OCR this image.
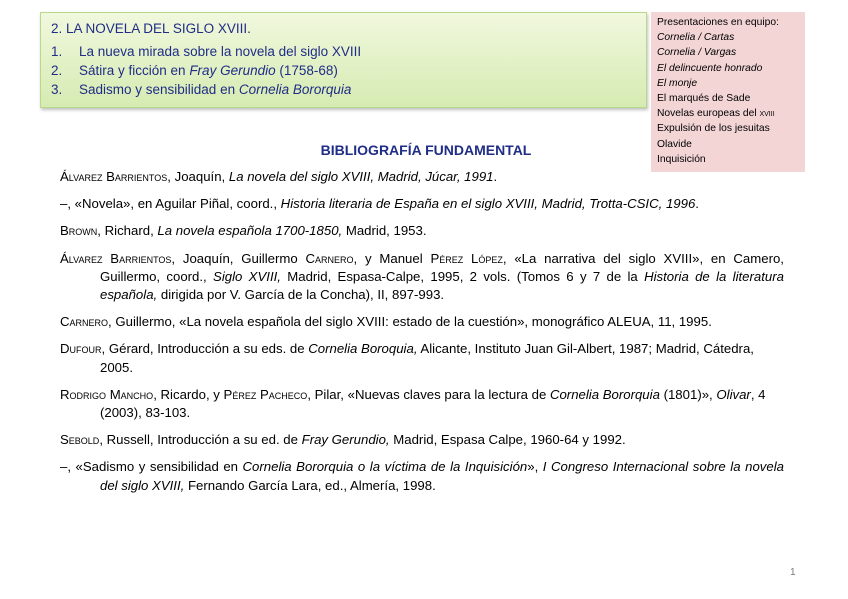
2. LA NOVELA DEL SIGLO XVIII.
1.	La nueva mirada sobre la novela del siglo XVIII
2.	Sátira y ficción en Fray Gerundio (1758-68)
3.	Sadismo y sensibilidad en Cornelia Bororquia
Presentaciones en equipo:
Cornelia / Cartas
Cornelia / Vargas
El delincuente honrado
El monje
El marqués de Sade
Novelas europeas del xviii
Expulsión de los jesuitas
Olavide
Inquisición
BIBLIOGRAFÍA FUNDAMENTAL
Álvarez Barrientos, Joaquín, La novela del siglo XVIII, Madrid, Júcar, 1991.
–, «Novela», en Aguilar Piñal, coord., Historia literaria de España en el siglo XVIII, Madrid, Trotta-CSIC, 1996.
Brown, Richard, La novela española 1700-1850, Madrid, 1953.
Álvarez Barrientos, Joaquín, Guillermo Carnero, y Manuel Pérez López, «La narrativa del siglo XVIII», en Camero, Guillermo, coord., Siglo XVIII, Madrid, Espasa-Calpe, 1995, 2 vols. (Tomos 6 y 7 de la Historia de la literatura española, dirigida por V. García de la Concha), II, 897-993.
Carnero, Guillermo, «La novela española del siglo XVIII: estado de la cuestión», monográfico ALEUA, 11, 1995.
Dufour, Gérard, Introducción a su eds. de Cornelia Boroquia, Alicante, Instituto Juan Gil-Albert, 1987; Madrid, Cátedra, 2005.
Rodrigo Mancho, Ricardo, y Pérez Pacheco, Pilar, «Nuevas claves para la lectura de Cornelia Bororquia (1801)», Olivar, 4 (2003), 83-103.
Sebold, Russell, Introducción a su ed. de Fray Gerundio, Madrid, Espasa Calpe, 1960-64 y 1992.
–, «Sadismo y sensibilidad en Cornelia Bororquia o la víctima de la Inquisición», I Congreso Internacional sobre la novela del siglo XVIII, Fernando García Lara, ed., Almería, 1998.
1
